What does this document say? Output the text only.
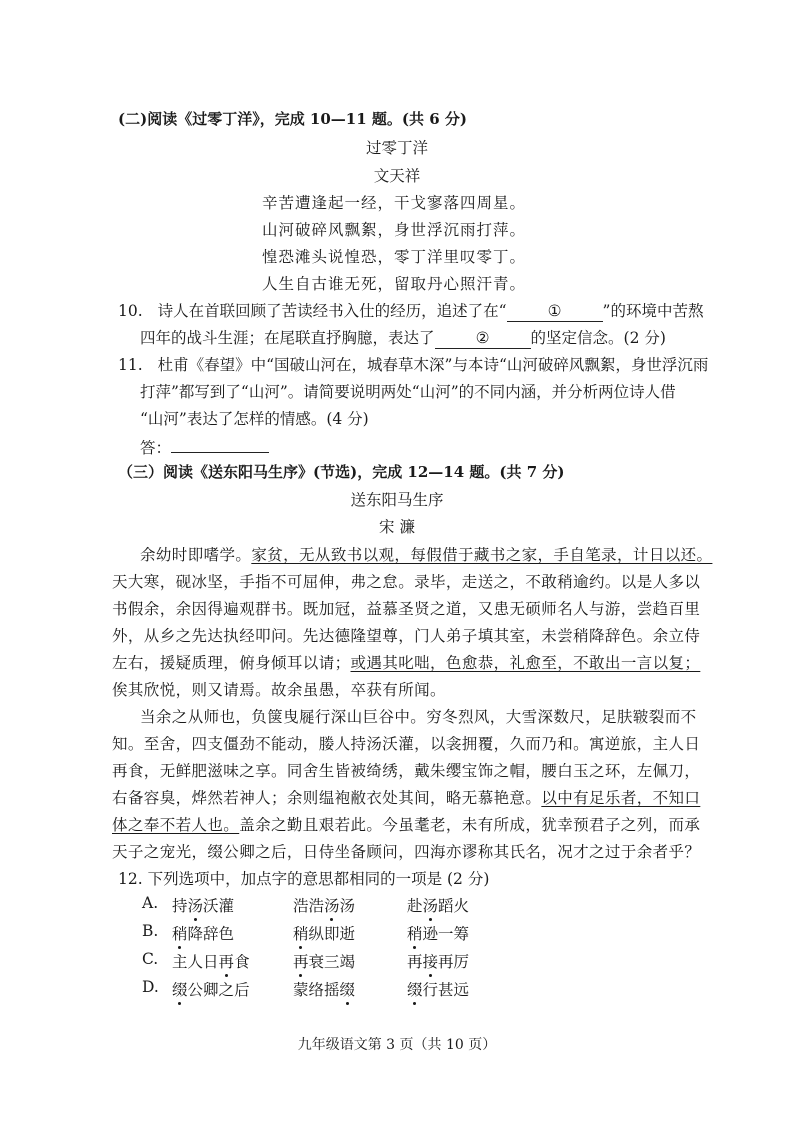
(二)阅读《过零丁洋》，完成 10—11 题。(共 6 分)
过零丁洋
文天祥
辛苦遭逢起一经，干戈寥落四周星。
山河破碎风飘絮，身世浮沉雨打萍。
惶恐滩头说惶恐，零丁洋里叹零丁。
人生自古谁无死，留取丹心照汗青。
10. 诗人在首联回顾了苦读经书入仕的经历，追述了在“	①	”的环境中苦熬
四年的战斗生涯；在尾联直抒胸臆，表达了	②	的坚定信念。(2 分)
11. 杜甫《春望》中“国破山河在，城春草木深”与本诗“山河破碎风飘絮，身世浮沉雨
打萍”都写到了“山河”。请简要说明两处“山河”的不同内涵，并分析两位诗人借
“山河”表达了怎样的情感。(4 分)
答：
（三）阅读《送东阳马生序》(节选)，完成 12—14 题。(共 7 分)
送东阳马生序
宋 濂
余幼时即嗜学。家贫，无从致书以观，每假借于藏书之家，手自笔录，计日以还。
天大寒，砚冰坚，手指不可屈伸，弗之怠。录毕，走送之，不敢稍逾约。以是人多以
书假余，余因得遍观群书。既加冠，益慕圣贤之道，又患无硕师名人与游，尝趋百里
外，从乡之先达执经叩问。先达德隆望尊，门人弟子填其室，未尝稍降辞色。余立侍
左右，援疑质理，俯身倾耳以请；或遇其叱咄，色愈恭，礼愈至，不敢出一言以复；
俟其欣悦，则又请焉。故余虽愚，卒获有所闻。
当余之从师也，负箧曳屣行深山巨谷中。穷冬烈风，大雪深数尺，足肤皲裂而不
知。至舍，四支僵劲不能动，媵人持汤沃灌，以衾拥覆，久而乃和。寓逆旅，主人日
再食，无鲜肥滋味之享。同舍生皆被绮绣，戴朱缨宝饰之帽，腰白玉之环，左佩刀，
右备容臭，烨然若神人；余则缊袍敝衣处其间，略无慕艳意。以中有足乐者，不知口
体之奉不若人也。盖余之勤且艰若此。今虽耄老，未有所成，犹幸预君子之列，而承
天子之宠光，缀公卿之后，日侍坐备顾问，四海亦谬称其氏名，况才之过于余者乎？
12. 下列选项中，加点字的意思都相同的一项是 (2 分)
A. 持汤沃灌	浩浩汤汤	赴汤蹈火
B. 稍降辞色	稍纵即逝	稍逊一筹
C. 主人日再食	再衰三竭	再接再厉
D. 缀公卿之后	蒙络摇缀	缀行甚远
九年级语文第 3 页（共 10 页）
